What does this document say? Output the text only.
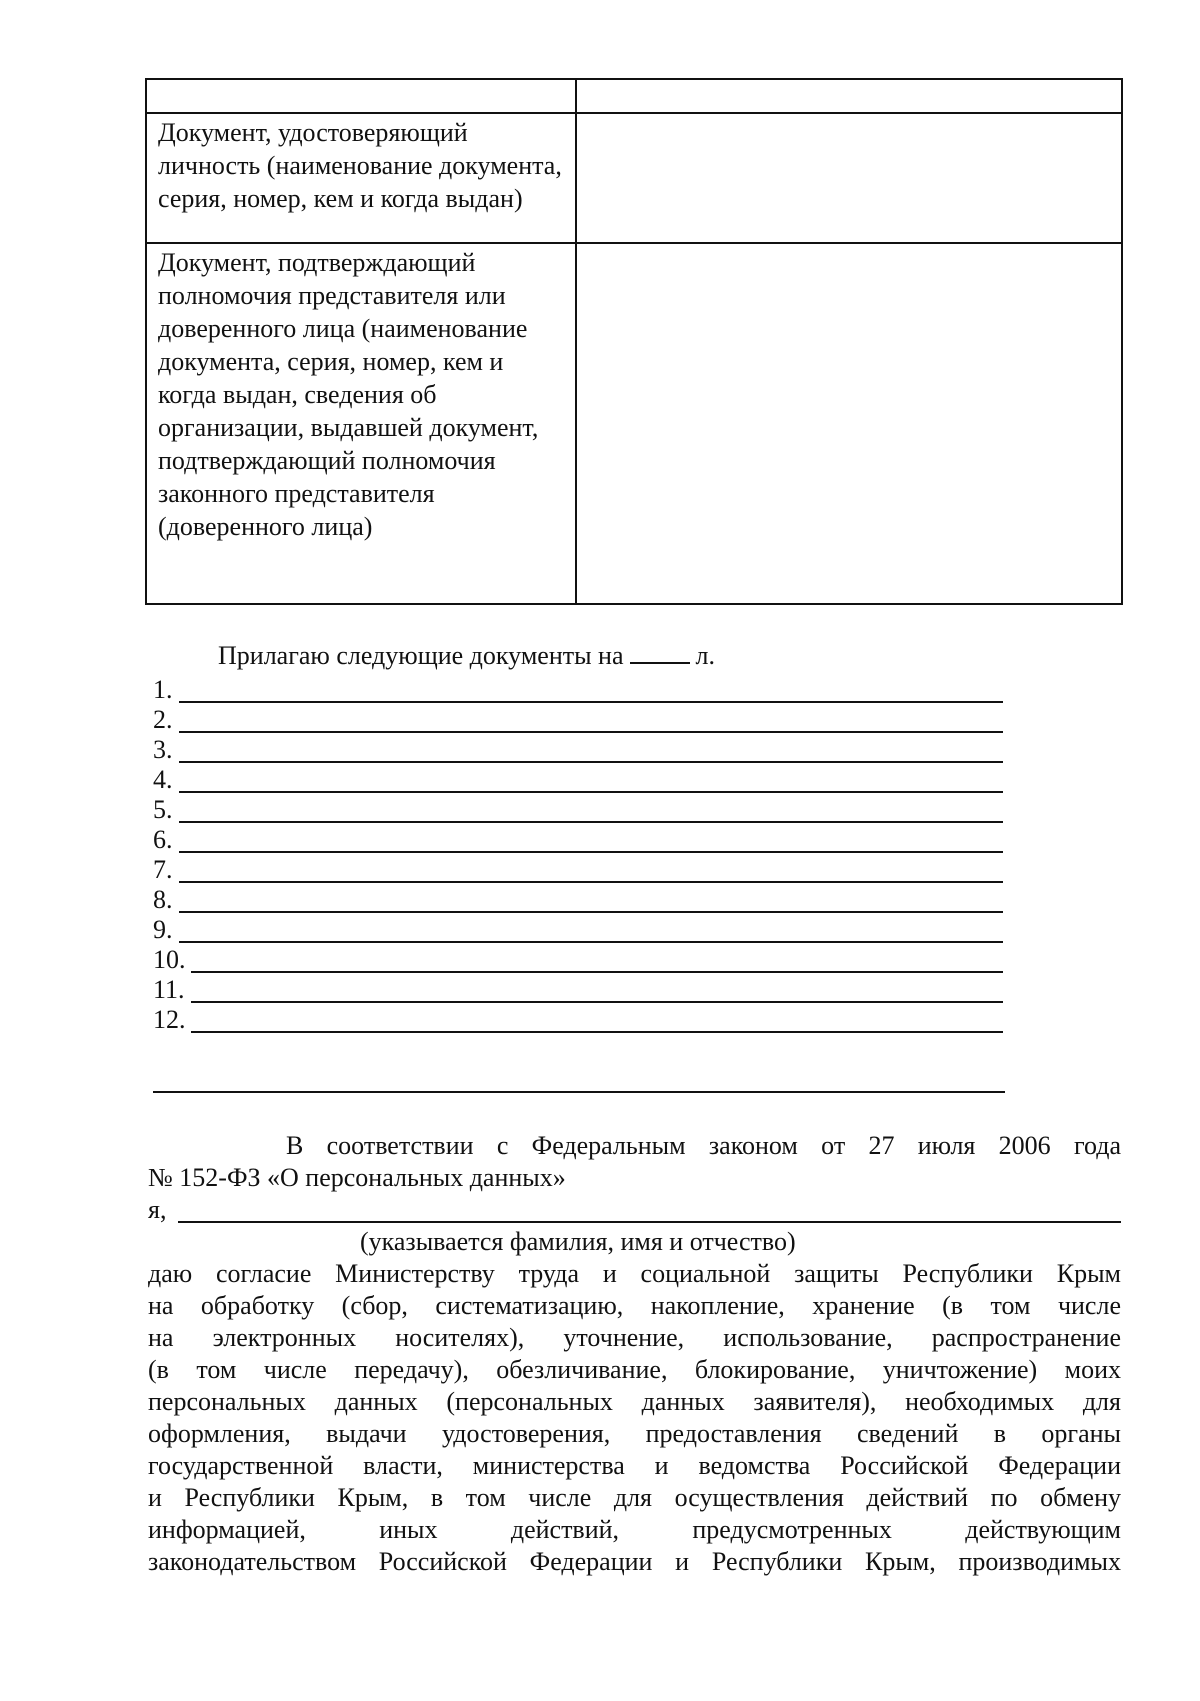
Документ, удостоверяющий личность (наименование документа, серия, номер, кем и когда выдан)	
Документ, подтверждающий полномочия представителя или доверенного лица (наименование документа, серия, номер, кем и когда выдан, сведения об организации, выдавшей документ, подтверждающий полномочия законного представителя (доверенного лица)	
Прилагаю следующие документы на	л.
1.
2.
3.
4.
5.
6.
7.
8.
9.
10.
11.
12.
В соответствии с Федеральным законом от 27 июля 2006 года
№ 152-ФЗ «О персональных данных»
я,
(указывается фамилия, имя и отчество)
даю согласие Министерству труда и социальной защиты Республики Крым
на обработку (сбор, систематизацию, накопление, хранение (в том числе
на электронных носителях), уточнение, использование, распространение
(в том числе передачу), обезличивание, блокирование, уничтожение) моих
персональных данных (персональных данных заявителя), необходимых для
оформления, выдачи удостоверения, предоставления сведений в органы
государственной власти, министерства и ведомства Российской Федерации
и Республики Крым, в том числе для осуществления действий по обмену
информацией, иных действий, предусмотренных действующим
законодательством Российской Федерации и Республики Крым, производимых
